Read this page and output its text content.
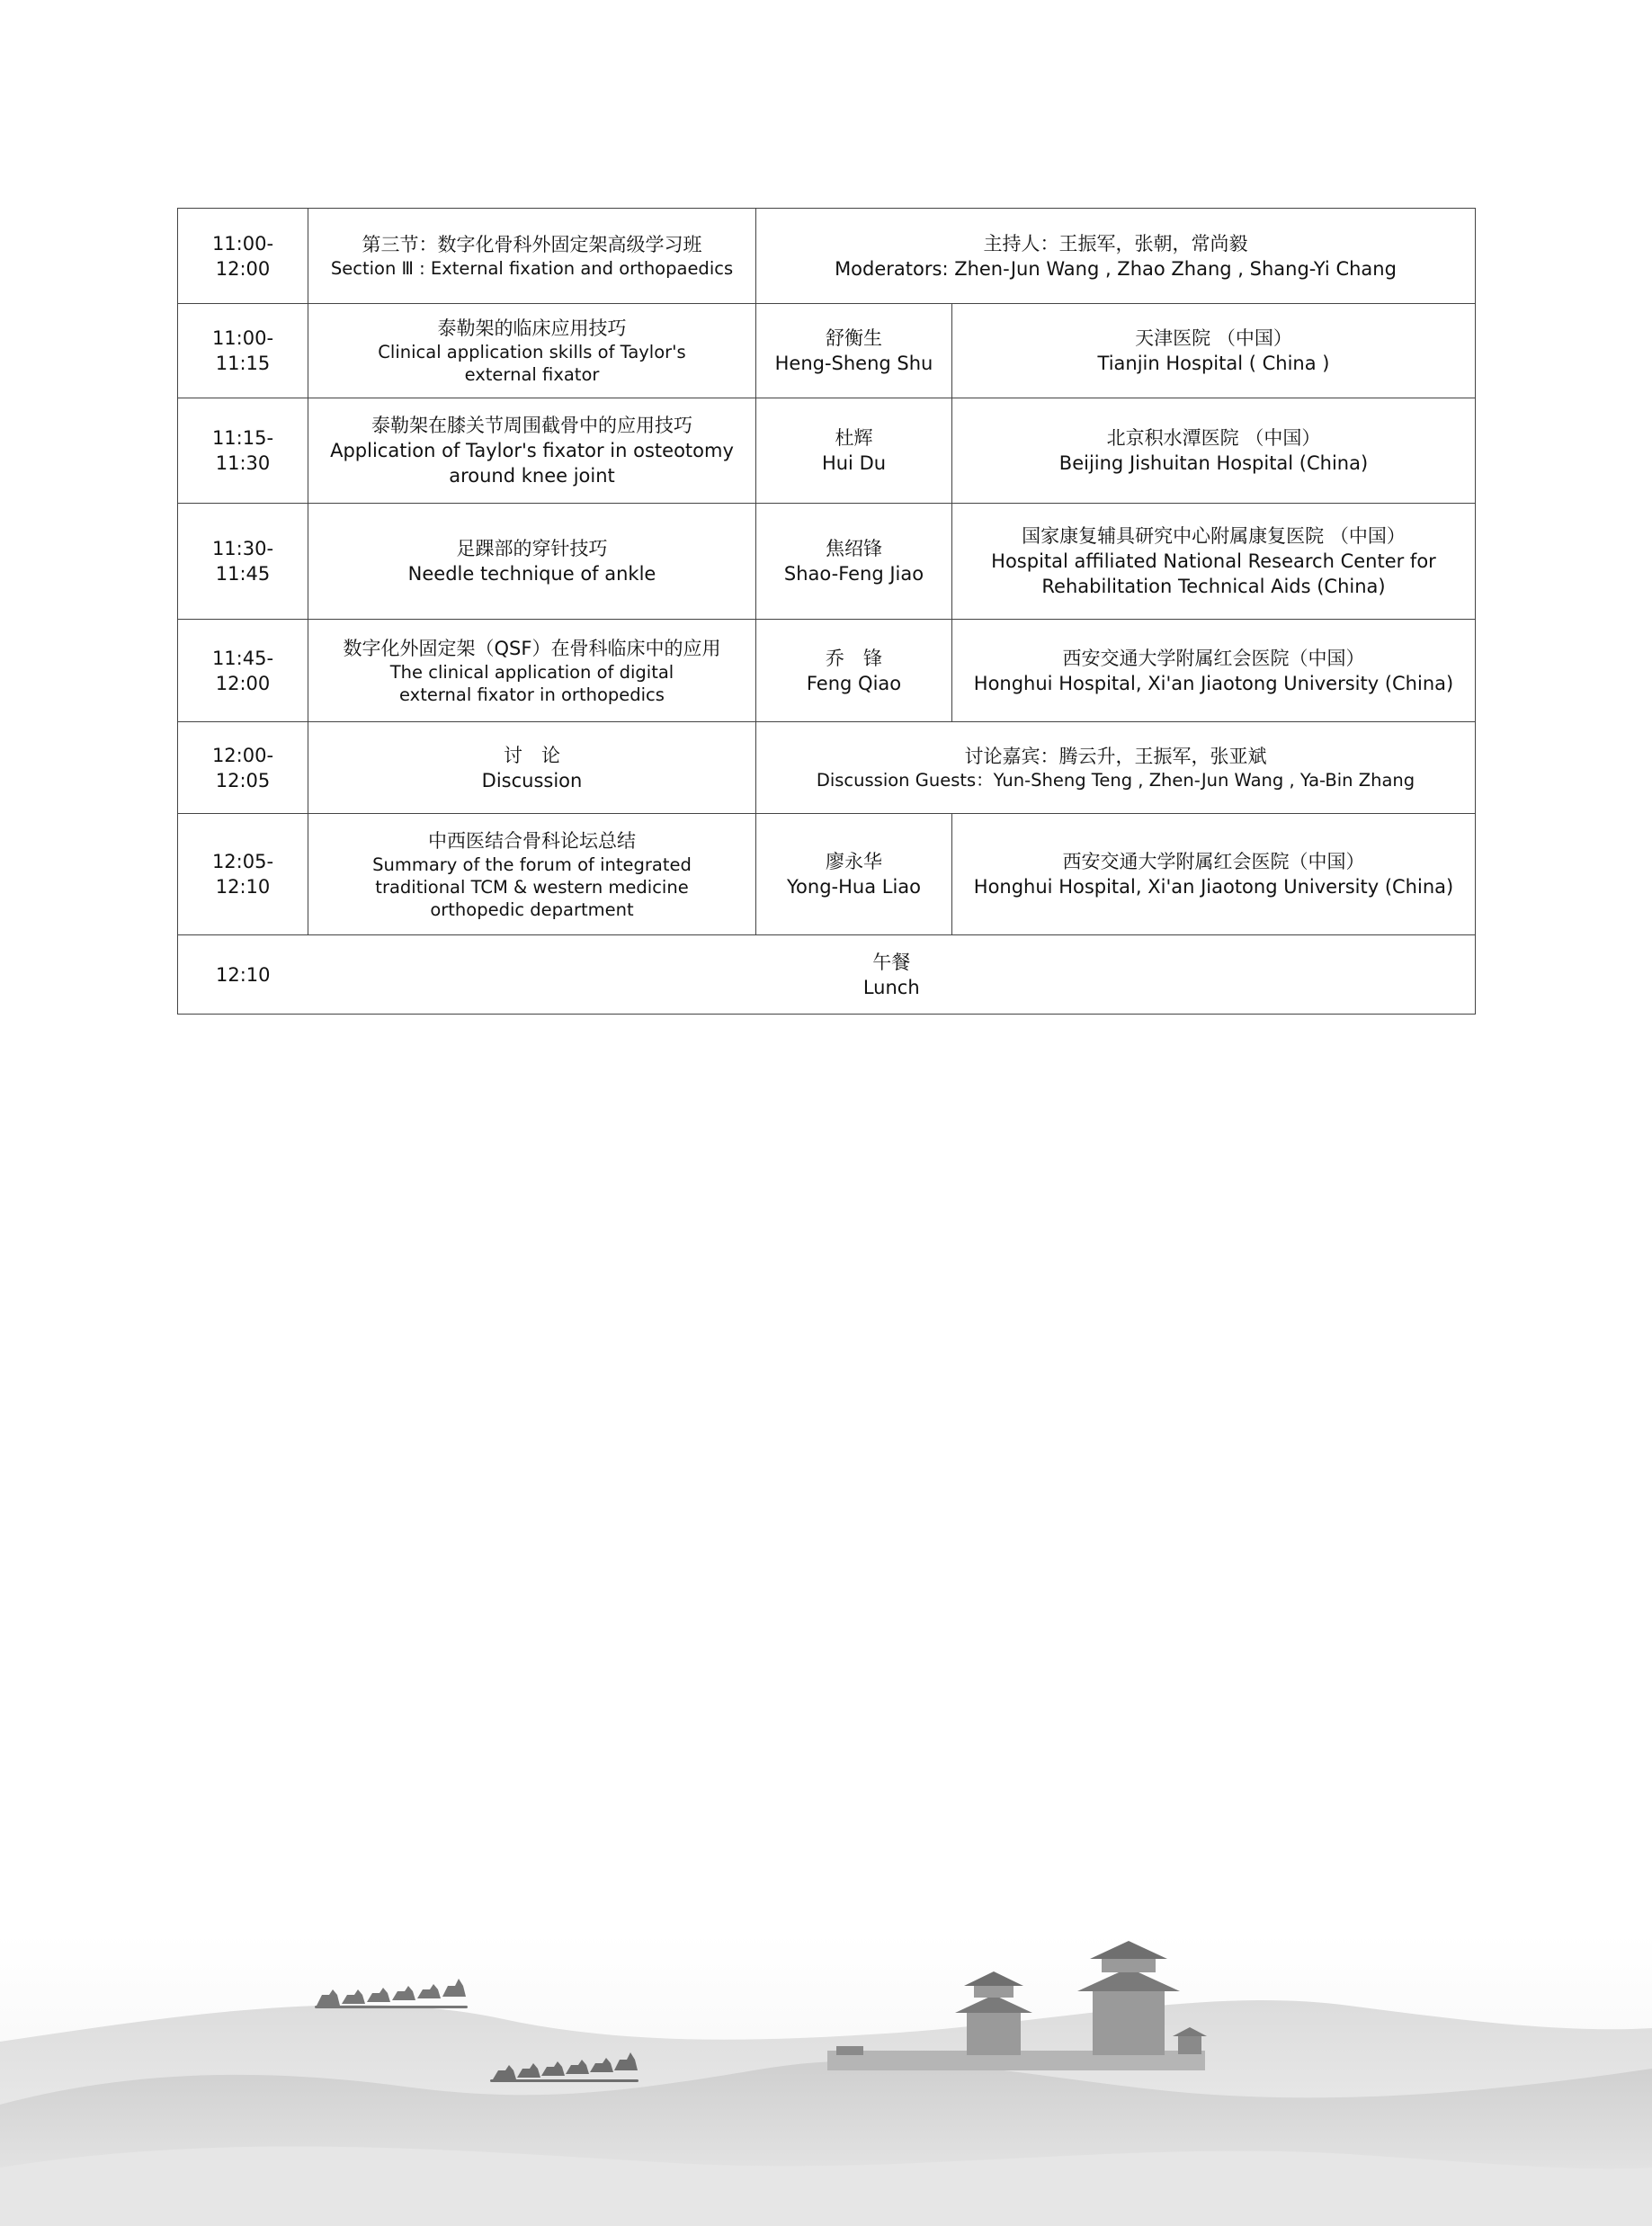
11:00-12:00	第三节：数字化骨科外固定架高级学习班
Section Ⅲ : External fixation and orthopaedics	主持人：王振军，张朝，常尚毅
Moderators: Zhen-Jun Wang , Zhao Zhang , Shang-Yi Chang	

11:00-11:15	泰勒架的临床应用技巧
Clinical application skills of Taylor's
external fixator	舒衡生
Heng-Sheng Shu	天津医院 （中国）
Tianjin Hospital ( China )

11:15-11:30	泰勒架在膝关节周围截骨中的应用技巧
Application of Taylor's fixator in osteotomy
around knee joint	杜辉
Hui Du	北京积水潭医院 （中国）
Beijing Jishuitan Hospital (China)

11:30-11:45	足踝部的穿针技巧
Needle technique of ankle	焦绍锋
Shao-Feng Jiao	国家康复辅具研究中心附属康复医院 （中国）
Hospital affiliated National Research Center for
Rehabilitation Technical Aids (China)

11:45-12:00	数字化外固定架（QSF）在骨科临床中的应用
The clinical application of digital
external fixator in orthopedics	乔　锋
Feng Qiao	西安交通大学附属红会医院（中国）
Honghui Hospital, Xi'an Jiaotong University (China)

12:00-12:05	讨　论
Discussion	讨论嘉宾：腾云升，王振军，张亚斌
Discussion Guests：Yun-Sheng Teng , Zhen-Jun Wang , Ya-Bin Zhang	

12:05-12:10	中西医结合骨科论坛总结
Summary of the forum of integrated
traditional TCM & western medicine
orthopedic department	廖永华
Yong-Hua Liao	西安交通大学附属红会医院（中国）
Honghui Hospital, Xi'an Jiaotong University (China)

12:10	午餐
Lunch		
